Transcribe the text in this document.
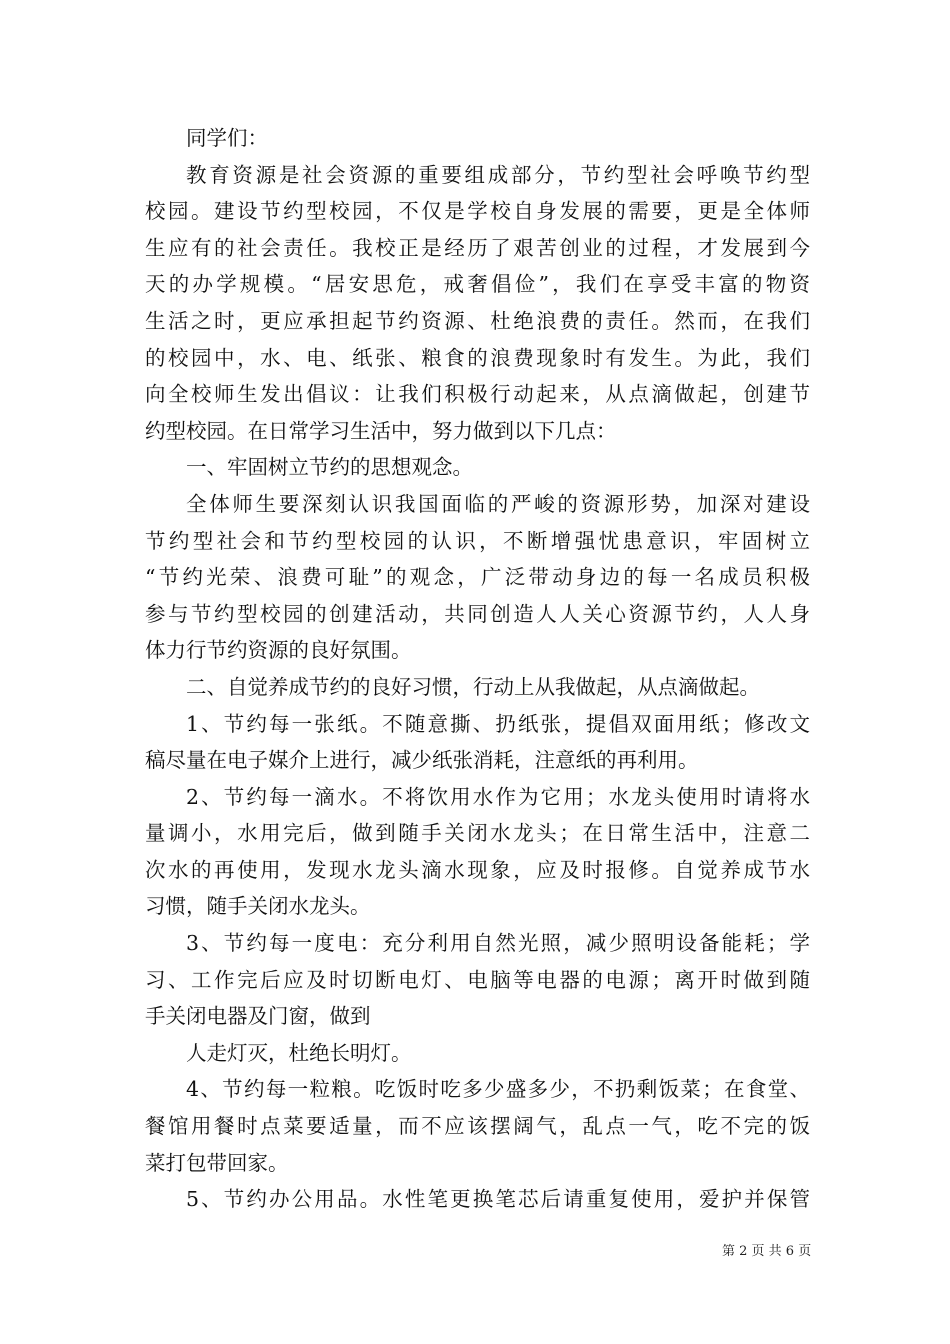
同学们：
教育资源是社会资源的重要组成部分，节约型社会呼唤节约型
校园。建设节约型校园，不仅是学校自身发展的需要，更是全体师
生应有的社会责任。我校正是经历了艰苦创业的过程，才发展到今
天的办学规模。“居安思危，戒奢倡俭”，我们在享受丰富的物资
生活之时，更应承担起节约资源、杜绝浪费的责任。然而，在我们
的校园中，水、电、纸张、粮食的浪费现象时有发生。为此，我们
向全校师生发出倡议：让我们积极行动起来，从点滴做起，创建节
约型校园。在日常学习生活中，努力做到以下几点：
一、牢固树立节约的思想观念。
全体师生要深刻认识我国面临的严峻的资源形势，加深对建设
节约型社会和节约型校园的认识，不断增强忧患意识，牢固树立
“节约光荣、浪费可耻”的观念，广泛带动身边的每一名成员积极
参与节约型校园的创建活动，共同创造人人关心资源节约，人人身
体力行节约资源的良好氛围。
二、自觉养成节约的良好习惯，行动上从我做起，从点滴做起。
1、节约每一张纸。不随意撕、扔纸张，提倡双面用纸；修改文
稿尽量在电子媒介上进行，减少纸张消耗，注意纸的再利用。
2、节约每一滴水。不将饮用水作为它用；水龙头使用时请将水
量调小，水用完后，做到随手关闭水龙头；在日常生活中，注意二
次水的再使用，发现水龙头滴水现象，应及时报修。自觉养成节水
习惯，随手关闭水龙头。
3、节约每一度电：充分利用自然光照，减少照明设备能耗；学
习、工作完后应及时切断电灯、电脑等电器的电源；离开时做到随
手关闭电器及门窗，做到
人走灯灭，杜绝长明灯。
4、节约每一粒粮。吃饭时吃多少盛多少，不扔剩饭菜；在食堂、
餐馆用餐时点菜要适量，而不应该摆阔气，乱点一气，吃不完的饭
菜打包带回家。
5、节约办公用品。水性笔更换笔芯后请重复使用，爱护并保管
第 2 页 共 6 页
